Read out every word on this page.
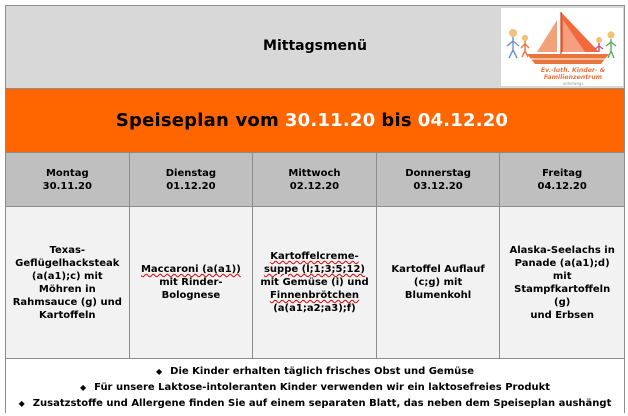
Mittagsmenü
Ev.-luth. Kinder- &
Familienzentrum
unterwegs
Speiseplan vom 30.11.20 bis 04.12.20
Montag
30.11.20
Dienstag
01.12.20
Mittwoch
02.12.20
Donnerstag
03.12.20
Freitag
04.12.20
Texas-
Geflügelhacksteak
(a(a1);c) mit
Möhren in
Rahmsauce (g) und
Kartoffeln
Maccaroni (a(a1))
mit Rinder-
Bolognese
Kartoffelcreme-
suppe (l;1;3;5;12)
mit Gemüse (i) und
Finnenbrötchen
(a(a1;a2;a3);f)
Kartoffel Auflauf
(c;g) mit
Blumenkohl
Alaska-Seelachs in
Panade (a(a1);d)
mit
Stampfkartoffeln (g)
und Erbsen
◆ Die Kinder erhalten täglich frisches Obst und Gemüse
◆ Für unsere Laktose-intoleranten Kinder verwenden wir ein laktosefreies Produkt
◆ Zusatzstoffe und Allergene finden Sie auf einem separaten Blatt, das neben dem Speiseplan aushängt
